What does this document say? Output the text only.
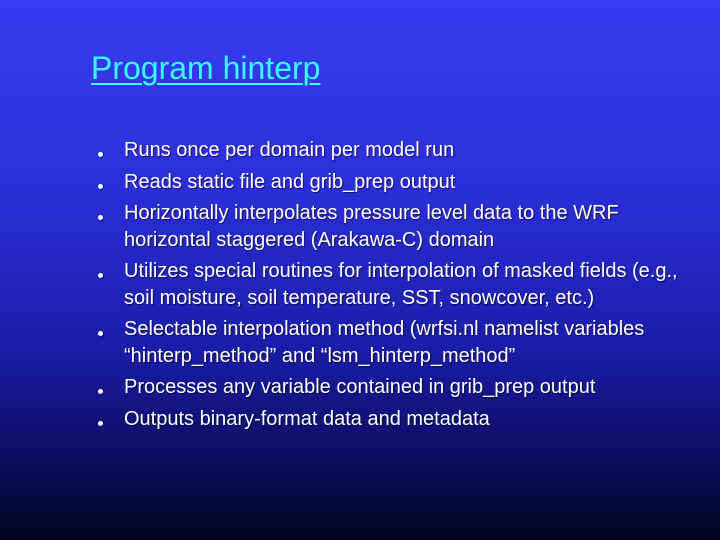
Program hinterp
Runs once per domain per model run
Reads static file and grib_prep output
Horizontally interpolates pressure level data to the WRF horizontal staggered (Arakawa-C) domain
Utilizes special routines for interpolation of masked fields (e.g., soil moisture, soil temperature, SST, snowcover, etc.)
Selectable interpolation method (wrfsi.nl namelist variables “hinterp_method” and “lsm_hinterp_method”
Processes any variable contained in grib_prep output
Outputs binary-format data and metadata
